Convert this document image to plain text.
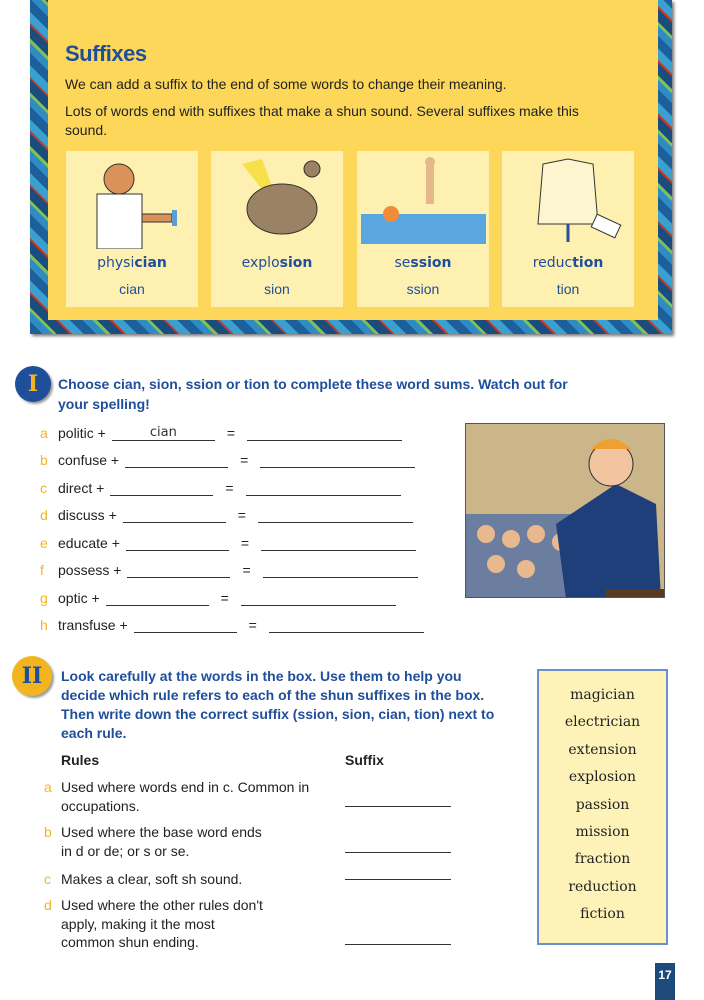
Suffixes
We can add a suffix to the end of some words to change their meaning.
Lots of words end with suffixes that make a shun sound. Several suffixes make this sound.
physician
cian
explosion
sion
session
ssion
reduction
tion
I	Choose cian, sion, ssion or tion to complete these word sums. Watch out for
your spelling!
a politic +	cian	=
b confuse +	=
c direct +	=
d discuss +	=
e educate +	=
f	possess +	=
g optic +	=
h transfuse +	=
II	Look carefully at the words in the box. Use them to help you
decide which rule refers to each of the shun suffixes in the box.
Then write down the correct suffix (ssion, sion, cian, tion) next to
each rule.
Rules	Suffix
a Used where words end in c. Common in
occupations.
b Used where the base word ends
in d or de; or s or se.
c Makes a clear, soft sh sound.
d Used where the other rules don't
apply, making it the most
common shun ending.
magician
electrician
extension
explosion
passion
mission
fraction
reduction
fiction
17
